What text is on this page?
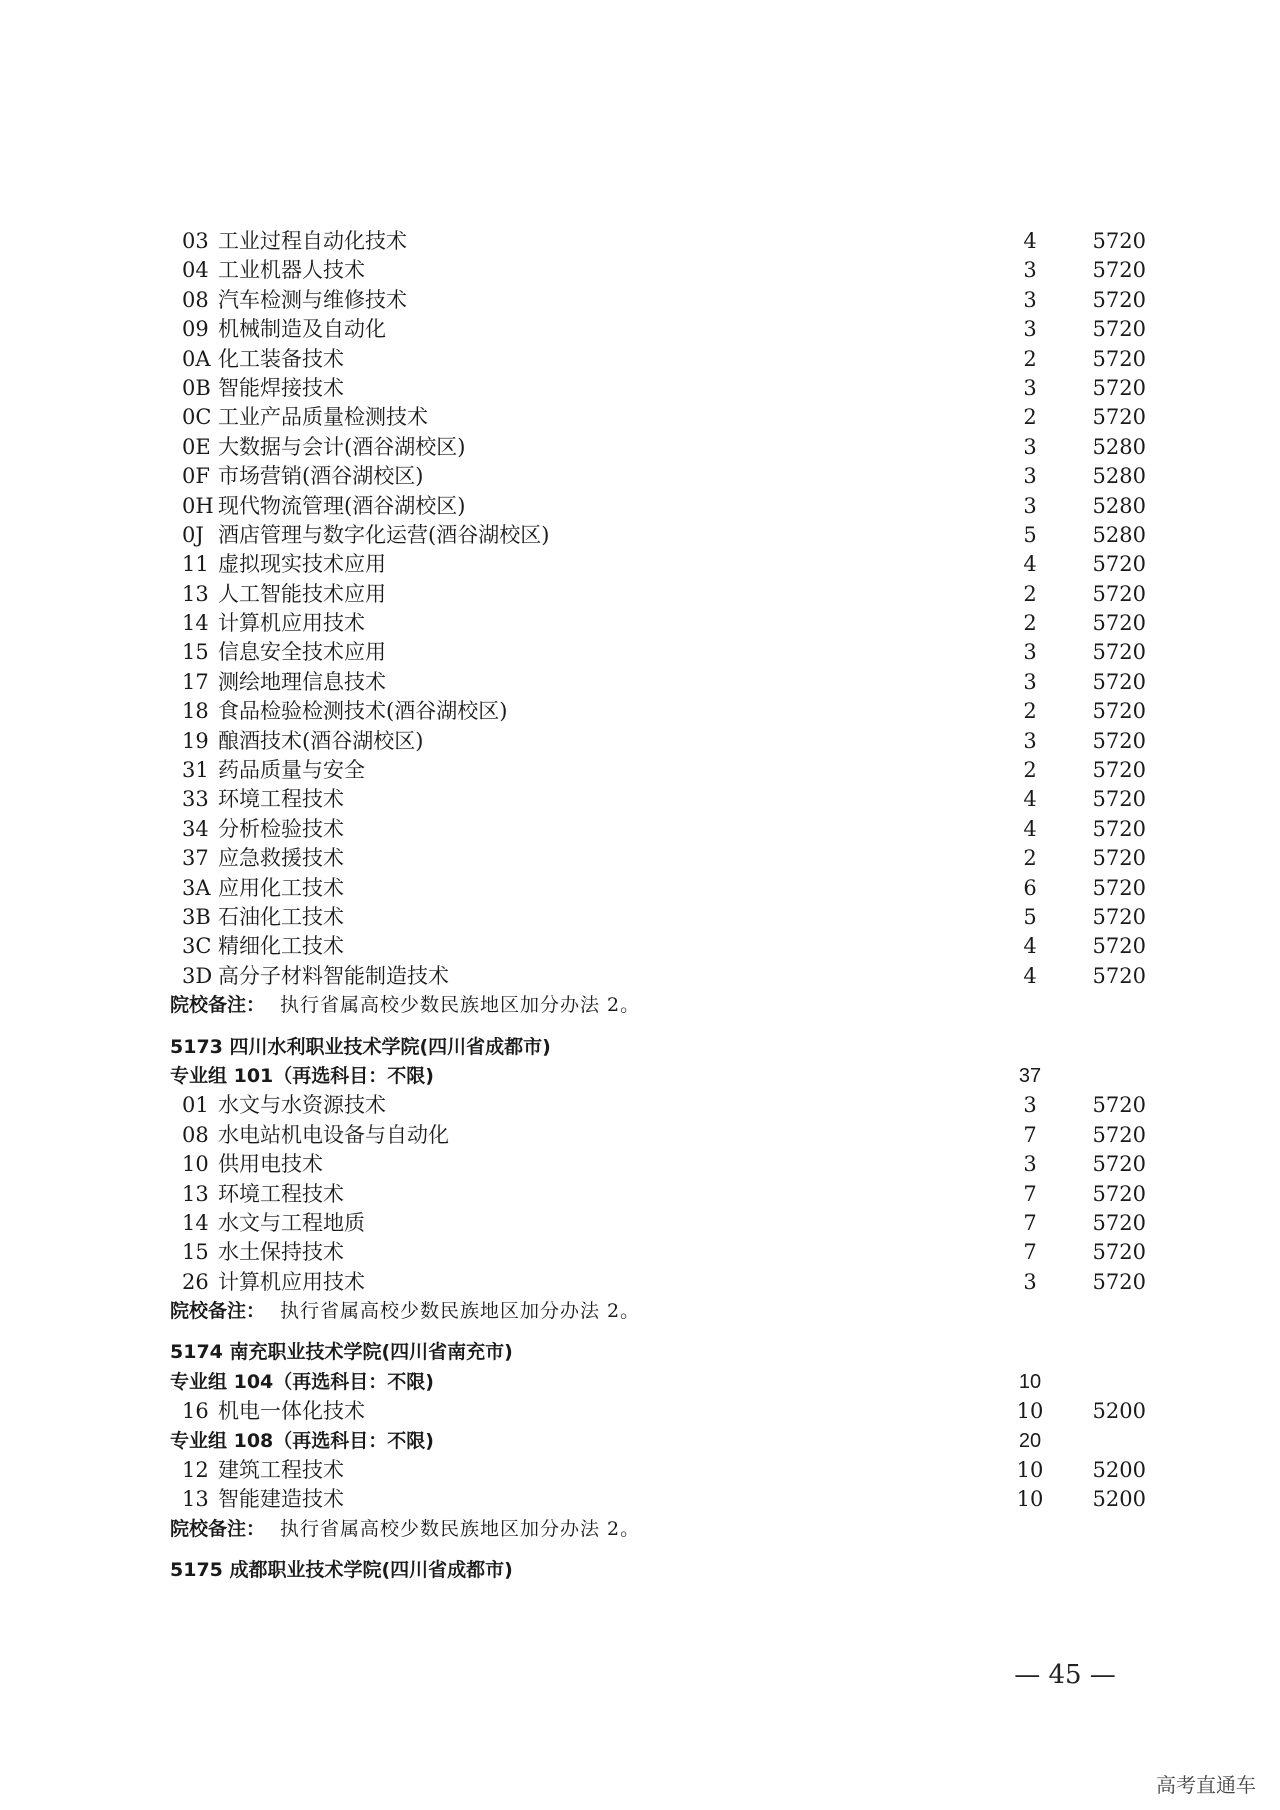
03 工业过程自动化技术	4	5720
04 工业机器人技术	3	5720
08 汽车检测与维修技术	3	5720
09 机械制造及自动化	3	5720
0A 化工装备技术	2	5720
0B 智能焊接技术	3	5720
0C 工业产品质量检测技术	2	5720
0E 大数据与会计(酒谷湖校区)	3	5280
0F 市场营销(酒谷湖校区)	3	5280
0H 现代物流管理(酒谷湖校区)	3	5280
0J 酒店管理与数字化运营(酒谷湖校区)	5	5280
11 虚拟现实技术应用	4	5720
13 人工智能技术应用	2	5720
14 计算机应用技术	2	5720
15 信息安全技术应用	3	5720
17 测绘地理信息技术	3	5720
18 食品检验检测技术(酒谷湖校区)	2	5720
19 酿酒技术(酒谷湖校区)	3	5720
31 药品质量与安全	2	5720
33 环境工程技术	4	5720
34 分析检验技术	4	5720
37 应急救援技术	2	5720
3A 应用化工技术	6	5720
3B 石油化工技术	5	5720
3C 精细化工技术	4	5720
3D 高分子材料智能制造技术	4	5720
院校备注： 执行省属高校少数民族地区加分办法 2。
5173 四川水利职业技术学院(四川省成都市)
专业组 101（再选科目：不限)	37
01 水文与水资源技术	3	5720
08 水电站机电设备与自动化	7	5720
10 供用电技术	3	5720
13 环境工程技术	7	5720
14 水文与工程地质	7	5720
15 水土保持技术	7	5720
26 计算机应用技术	3	5720
院校备注： 执行省属高校少数民族地区加分办法 2。
5174 南充职业技术学院(四川省南充市)
专业组 104（再选科目：不限)	10
16 机电一体化技术	10	5200
专业组 108（再选科目：不限)	20
12 建筑工程技术	10	5200
13 智能建造技术	10	5200
院校备注： 执行省属高校少数民族地区加分办法 2。
5175 成都职业技术学院(四川省成都市)
— 45 —
高考直通车
